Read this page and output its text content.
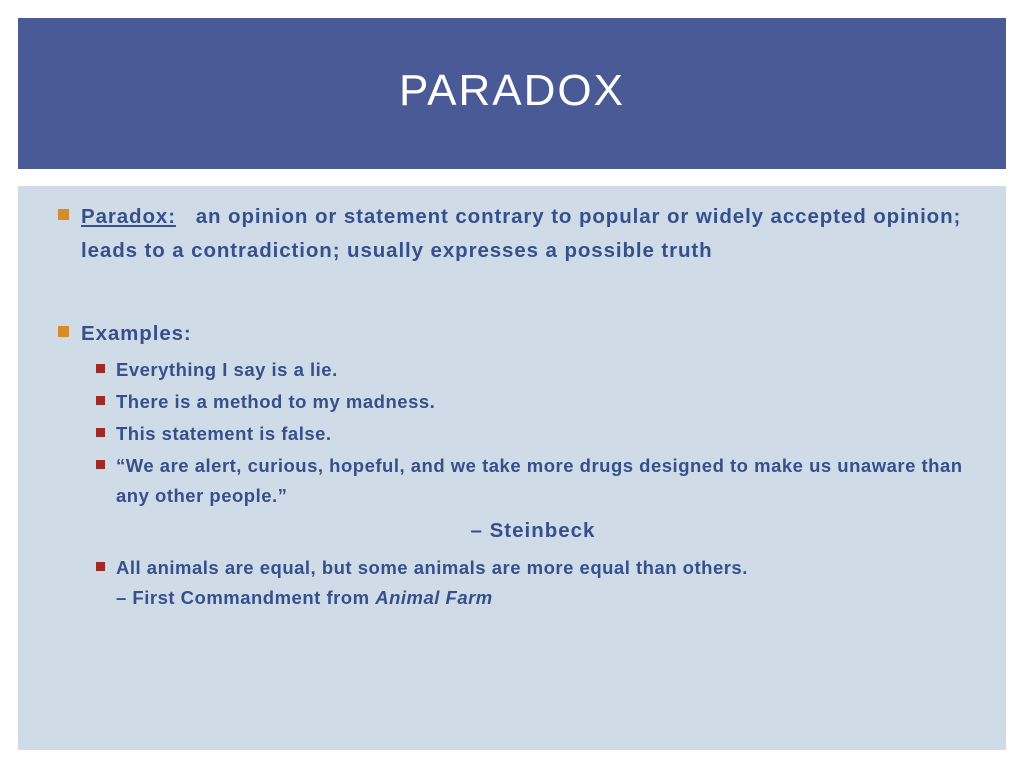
PARADOX
Paradox: an opinion or statement contrary to popular or widely accepted opinion; leads to a contradiction; usually expresses a possible truth
Examples:
Everything I say is a lie.
There is a method to my madness.
This statement is false.
“We are alert, curious, hopeful, and we take more drugs designed to make us unaware than any other people.”
– Steinbeck
All animals are equal, but some animals are more equal than others.
– First Commandment from Animal Farm
